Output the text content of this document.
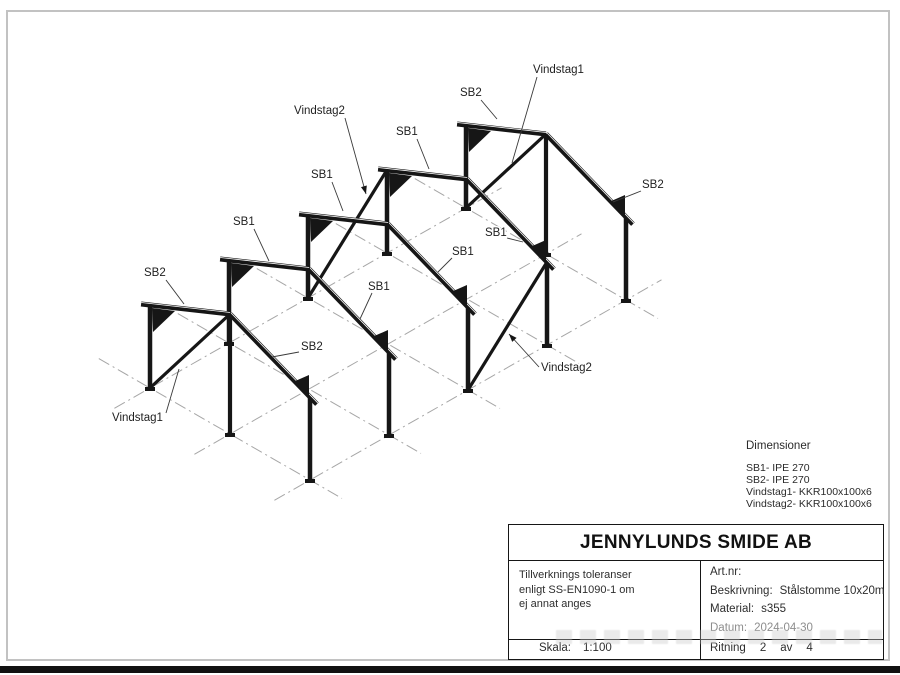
Vindstag1
SB2
Vindstag2
SB1
SB1
SB2
SB1
SB1
SB1
SB2
SB1
SB2
Vindstag2
Vindstag1
Dimensioner
SB1- IPE 270
SB2- IPE 270
Vindstag1- KKR100x100x6
Vindstag2- KKR100x100x6
JENNYLUNDS SMIDE AB
Tillverknings toleranser
enligt SS-EN1090-1 om
ej annat anges
Art.nr:
Beskrivning: Stålstomme 10x20m
Material: s355
Datum: 2024-04-30
Skala: 1:100	Ritning 2 av 4
